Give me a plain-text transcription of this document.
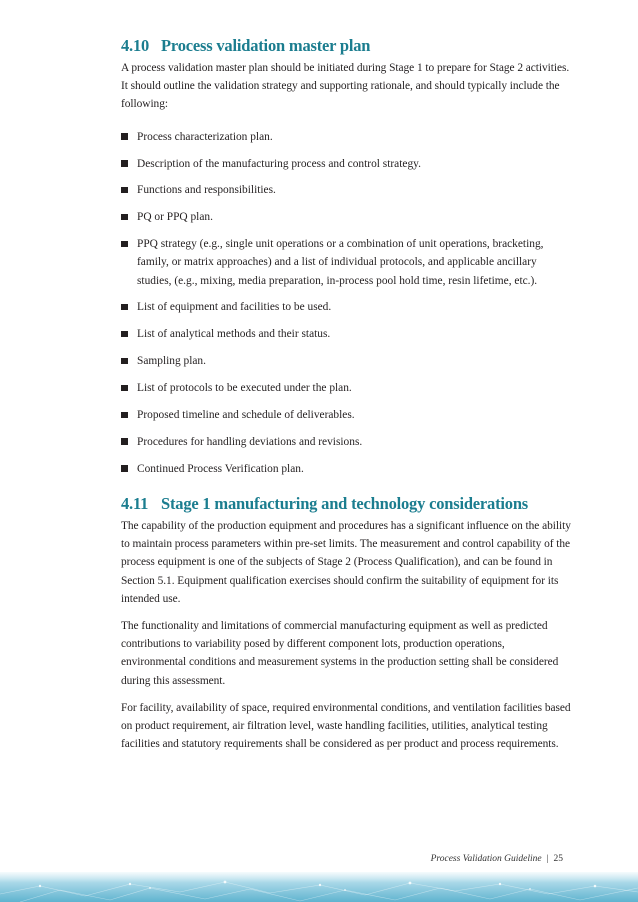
4.10 Process validation master plan

A process validation master plan should be initiated during Stage 1 to prepare for Stage 2 activities. It should outline the validation strategy and supporting rationale, and should typically include the following:

Process characterization plan.
Description of the manufacturing process and control strategy.
Functions and responsibilities.
PQ or PPQ plan.
PPQ strategy (e.g., single unit operations or a combination of unit operations, bracketing, family, or matrix approaches) and a list of individual protocols, and applicable ancillary studies, (e.g., mixing, media preparation, in-process pool hold time, resin lifetime, etc.).
List of equipment and facilities to be used.
List of analytical methods and their status.
Sampling plan.
List of protocols to be executed under the plan.
Proposed timeline and schedule of deliverables.
Procedures for handling deviations and revisions.
Continued Process Verification plan.
4.11 Stage 1 manufacturing and technology considerations

The capability of the production equipment and procedures has a significant influence on the ability to maintain process parameters within pre-set limits. The measurement and control capability of the process equipment is one of the subjects of Stage 2 (Process Qualification), and can be found in Section 5.1. Equipment qualification exercises should confirm the suitability of equipment for its intended use.

The functionality and limitations of commercial manufacturing equipment as well as predicted contributions to variability posed by different component lots, production operations, environmental conditions and measurement systems in the production setting shall be considered during this assessment.

For facility, availability of space, required environmental conditions, and ventilation facilities based on product requirement, air filtration level, waste handling facilities, utilities, analytical testing facilities and statutory requirements shall be considered as per product and process requirements.

Process Validation Guideline | 25
